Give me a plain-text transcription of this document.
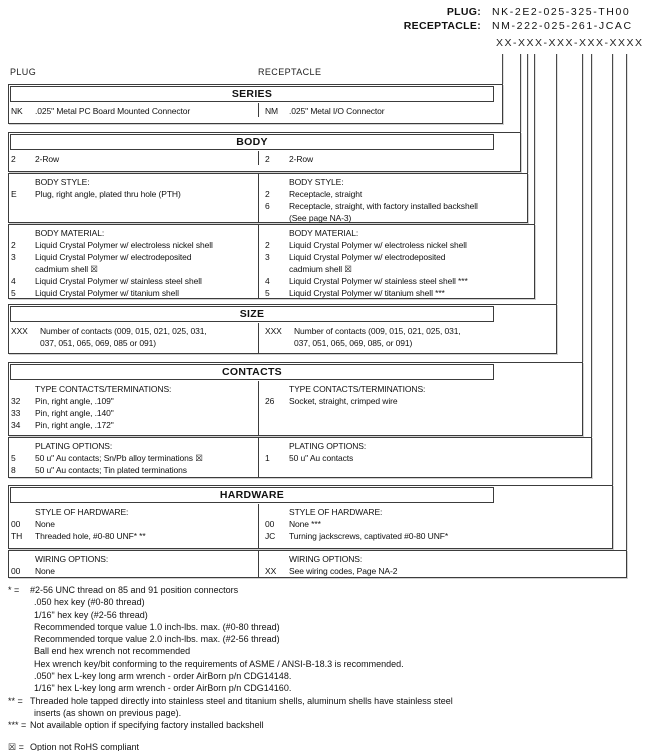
PLUG: NK-2E2-025-325-TH00
RECEPTACLE: NM-222-025-261-JCAC
XX-XXX-XXX-XXX-XXXX
PLUG	RECEPTACLE
SERIES
NK	.025" Metal PC Board Mounted Connector	NM	.025" Metal I/O Connector
BODY
2	2-Row	2	2-Row
BODY STYLE:
E	Plug, right angle, plated thru hole (PTH)
BODY STYLE:
2	Receptacle, straight
6	Receptacle, straight, with factory installed backshell
(See page NA-3)
BODY MATERIAL:
2	Liquid Crystal Polymer w/ electroless nickel shell
3	Liquid Crystal Polymer w/ electrodeposited
cadmium shell ☒
4	Liquid Crystal Polymer w/ stainless steel shell
5	Liquid Crystal Polymer w/ titanium shell
BODY MATERIAL:
2	Liquid Crystal Polymer w/ electroless nickel shell
3	Liquid Crystal Polymer w/ electrodeposited
cadmium shell ☒
4	Liquid Crystal Polymer w/ stainless steel shell ***
5	Liquid Crystal Polymer w/ titanium shell ***
SIZE
XXX	Number of contacts (009, 015, 021, 025, 031,
037, 051, 065, 069, 085 or 091)
XXX	Number of contacts (009, 015, 021, 025, 031,
037, 051, 065, 069, 085, or 091)
CONTACTS
TYPE CONTACTS/TERMINATIONS:
32	Pin, right angle, .109"
33	Pin, right angle, .140"
34	Pin, right angle, .172"
TYPE CONTACTS/TERMINATIONS:
26	Socket, straight, crimped wire
PLATING OPTIONS:
5	50 u" Au contacts; Sn/Pb alloy terminations ☒
8	50 u" Au contacts; Tin plated terminations
PLATING OPTIONS:
1	50 u" Au contacts
HARDWARE
STYLE OF HARDWARE:
00	None
TH	Threaded hole, #0-80 UNF* **
STYLE OF HARDWARE:
00	None ***
JC	Turning jackscrews, captivated #0-80 UNF*
WIRING OPTIONS:
00	None
WIRING OPTIONS:
XX	See wiring codes, Page NA-2
* =	#2-56 UNC thread on 85 and 91 position connectors
.050 hex key (#0-80 thread)
1/16" hex key (#2-56 thread)
Recommended torque value 1.0 inch-lbs. max. (#0-80 thread)
Recommended torque value 2.0 inch-lbs. max. (#2-56 thread)
Ball end hex wrench not recommended
Hex wrench key/bit conforming to the requirements of ASME / ANSI-B-18.3 is recommended.
.050" hex L-key long arm wrench - order AirBorn p/n CDG14148.
1/16" hex L-key long arm wrench - order AirBorn p/n CDG14160.
** = Threaded hole tapped directly into stainless steel and titanium shells, aluminum shells have stainless steel
inserts (as shown on previous page).
*** = Not available option if specifying factory installed backshell
☒ = Option not RoHS compliant
